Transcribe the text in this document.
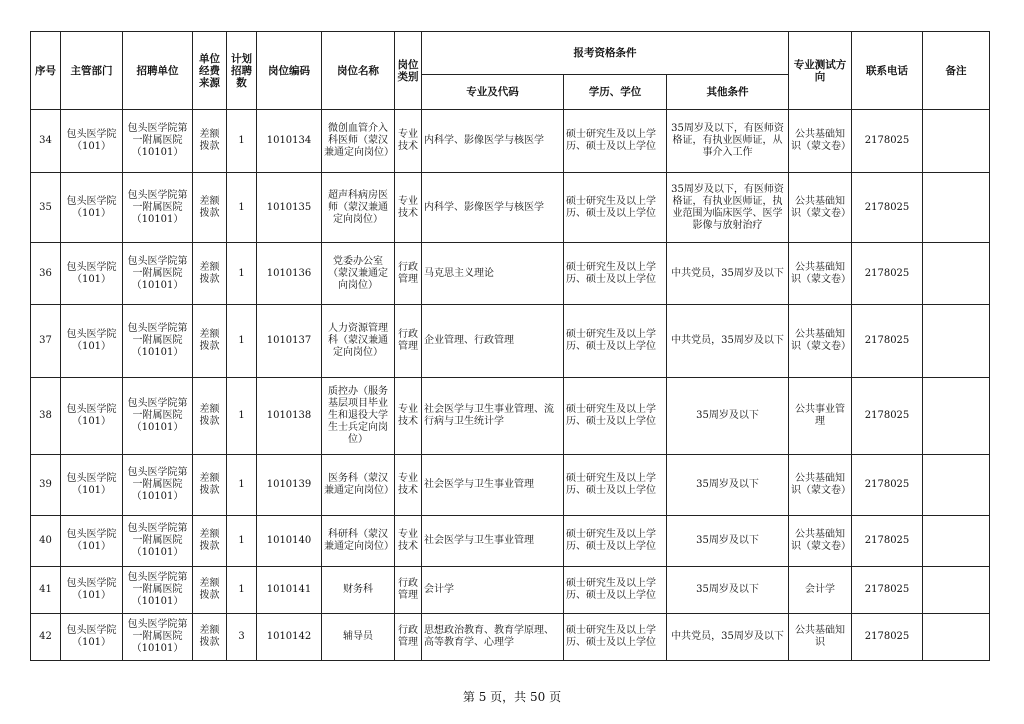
序号	主管部门	招聘单位	单位经费来源	计划招聘数	岗位编码	岗位名称	岗位类别	报考资格条件			专业测试方向	联系电话	备注
								专业及代码	学历、学位	其他条件			
34	包头医学院（101）	包头医学院第一附属医院（10101）	差额拨款	1	1010134	微创血管介入科医师（蒙汉兼通定向岗位）	专业技术	内科学、影像医学与核医学	硕士研究生及以上学历、硕士及以上学位	35周岁及以下，有医师资格证，有执业医师证，从事介入工作	公共基础知识（蒙文卷）	2178025	
35	包头医学院（101）	包头医学院第一附属医院（10101）	差额拨款	1	1010135	超声科病房医师（蒙汉兼通定向岗位）	专业技术	内科学、影像医学与核医学	硕士研究生及以上学历、硕士及以上学位	35周岁及以下，有医师资格证，有执业医师证，执业范围为临床医学、医学影像与放射治疗	公共基础知识（蒙文卷）	2178025	
36	包头医学院（101）	包头医学院第一附属医院（10101）	差额拨款	1	1010136	党委办公室（蒙汉兼通定向岗位）	行政管理	马克思主义理论	硕士研究生及以上学历、硕士及以上学位	中共党员，35周岁及以下	公共基础知识（蒙文卷）	2178025	
37	包头医学院（101）	包头医学院第一附属医院（10101）	差额拨款	1	1010137	人力资源管理科（蒙汉兼通定向岗位）	行政管理	企业管理、行政管理	硕士研究生及以上学历、硕士及以上学位	中共党员，35周岁及以下	公共基础知识（蒙文卷）	2178025	
38	包头医学院（101）	包头医学院第一附属医院（10101）	差额拨款	1	1010138	质控办（服务基层项目毕业生和退役大学生士兵定向岗位）	专业技术	社会医学与卫生事业管理、流行病与卫生统计学	硕士研究生及以上学历、硕士及以上学位	35周岁及以下	公共事业管理	2178025	
39	包头医学院（101）	包头医学院第一附属医院（10101）	差额拨款	1	1010139	医务科（蒙汉兼通定向岗位）	专业技术	社会医学与卫生事业管理	硕士研究生及以上学历、硕士及以上学位	35周岁及以下	公共基础知识（蒙文卷）	2178025	
40	包头医学院（101）	包头医学院第一附属医院（10101）	差额拨款	1	1010140	科研科（蒙汉兼通定向岗位）	专业技术	社会医学与卫生事业管理	硕士研究生及以上学历、硕士及以上学位	35周岁及以下	公共基础知识（蒙文卷）	2178025	
41	包头医学院（101）	包头医学院第一附属医院（10101）	差额拨款	1	1010141	财务科	行政管理	会计学	硕士研究生及以上学历、硕士及以上学位	35周岁及以下	会计学	2178025	
42	包头医学院（101）	包头医学院第一附属医院（10101）	差额拨款	3	1010142	辅导员	行政管理	思想政治教育、教育学原理、高等教育学、心理学	硕士研究生及以上学历、硕士及以上学位	中共党员，35周岁及以下	公共基础知识	2178025	
第 5 页，共 50 页
